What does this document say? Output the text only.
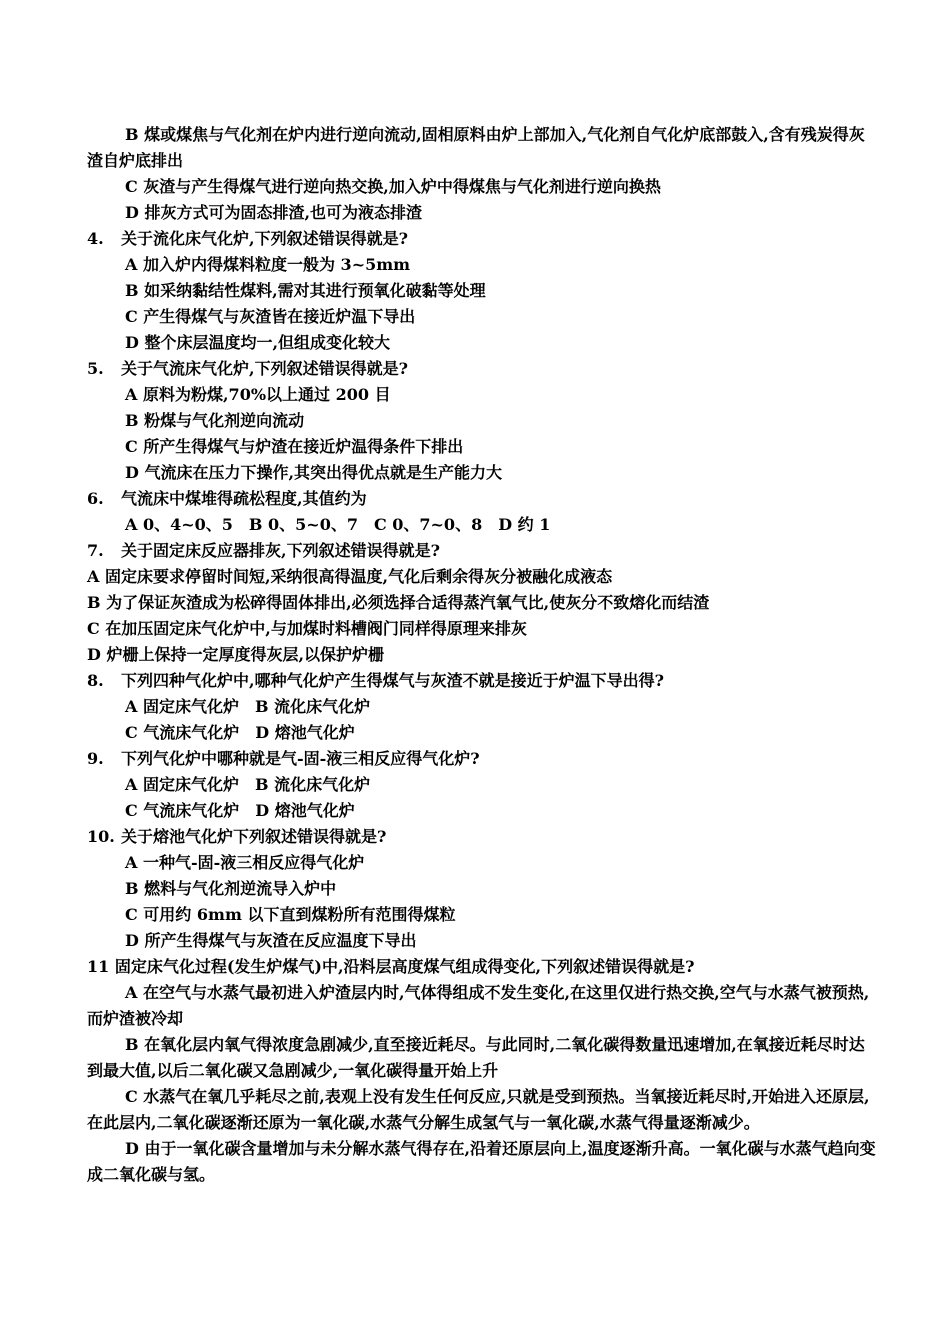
B 煤或煤焦与气化剂在炉内进行逆向流动,固相原料由炉上部加入,气化剂自气化炉底部鼓入,含有残炭得灰渣自炉底排出
C 灰渣与产生得煤气进行逆向热交换,加入炉中得煤焦与气化剂进行逆向换热
D 排灰方式可为固态排渣,也可为液态排渣
4.	关于流化床气化炉,下列叙述错误得就是?
A 加入炉内得煤料粒度一般为 3~5mm
B 如采纳黏结性煤料,需对其进行预氧化破黏等处理
C 产生得煤气与灰渣皆在接近炉温下导出
D 整个床层温度均一,但组成变化较大
5.	关于气流床气化炉,下列叙述错误得就是?
A 原料为粉煤,70%以上通过 200 目
B 粉煤与气化剂逆向流动
C 所产生得煤气与炉渣在接近炉温得条件下排出
D 气流床在压力下操作,其突出得优点就是生产能力大
6.	气流床中煤堆得疏松程度,其值约为
A 0、4~0、5　B 0、5~0、7　C 0、7~0、8　D 约 1
7.	关于固定床反应器排灰,下列叙述错误得就是?
A 固定床要求停留时间短,采纳很高得温度,气化后剩余得灰分被融化成液态
B 为了保证灰渣成为松碎得固体排出,必须选择合适得蒸汽氧气比,使灰分不致熔化而结渣
C 在加压固定床气化炉中,与加煤时料槽阀门同样得原理来排灰
D 炉栅上保持一定厚度得灰层,以保护炉栅
8.	下列四种气化炉中,哪种气化炉产生得煤气与灰渣不就是接近于炉温下导出得?
A 固定床气化炉　B 流化床气化炉
C 气流床气化炉　D 熔池气化炉
9.	下列气化炉中哪种就是气-固-液三相反应得气化炉?
A 固定床气化炉　B 流化床气化炉
C 气流床气化炉　D 熔池气化炉
10. 关于熔池气化炉下列叙述错误得就是?
A 一种气-固-液三相反应得气化炉
B 燃料与气化剂逆流导入炉中
C 可用约 6mm 以下直到煤粉所有范围得煤粒
D 所产生得煤气与灰渣在反应温度下导出
11 固定床气化过程(发生炉煤气)中,沿料层高度煤气组成得变化,下列叙述错误得就是?
A 在空气与水蒸气最初进入炉渣层内时,气体得组成不发生变化,在这里仅进行热交换,空气与水蒸气被预热,而炉渣被冷却
B 在氧化层内氧气得浓度急剧减少,直至接近耗尽。与此同时,二氧化碳得数量迅速增加,在氧接近耗尽时达到最大值,以后二氧化碳又急剧减少,一氧化碳得量开始上升
C 水蒸气在氧几乎耗尽之前,表观上没有发生任何反应,只就是受到预热。当氧接近耗尽时,开始进入还原层,在此层内,二氧化碳逐渐还原为一氧化碳,水蒸气分解生成氢气与一氧化碳,水蒸气得量逐渐减少。
D 由于一氧化碳含量增加与未分解水蒸气得存在,沿着还原层向上,温度逐渐升高。一氧化碳与水蒸气趋向变成二氧化碳与氢。
